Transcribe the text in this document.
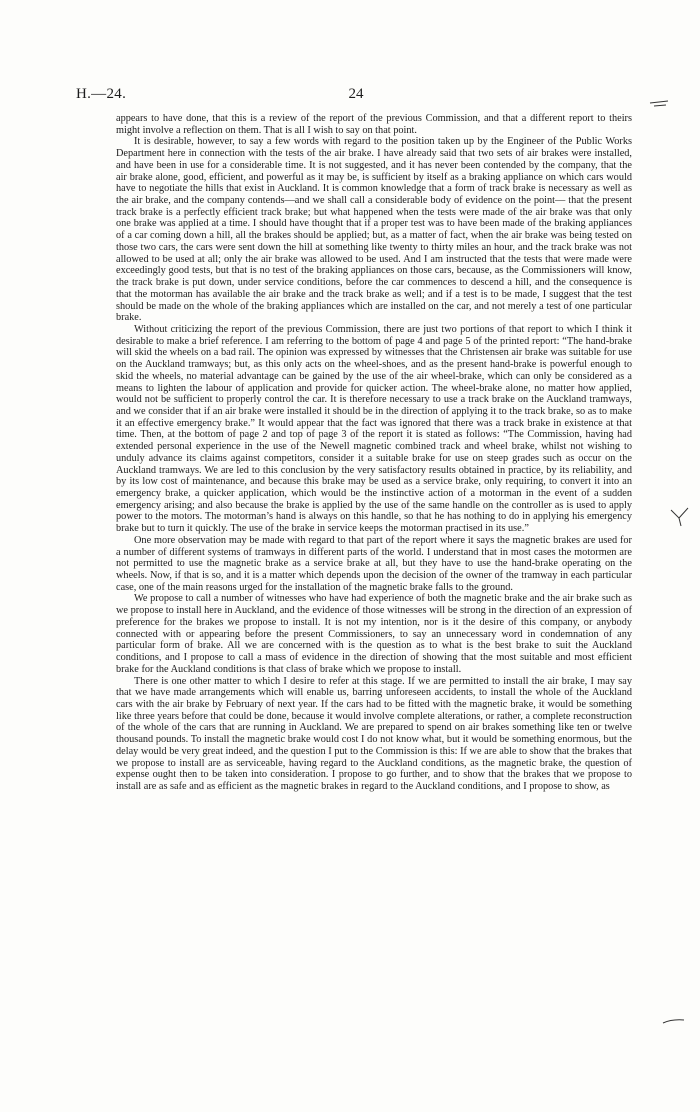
H.—24.	24

appears to have done, that this is a review of the report of the previous Commission, and that a different report to theirs might involve a reflection on them. That is all I wish to say on that point.

It is desirable, however, to say a few words with regard to the position taken up by the Engineer of the Public Works Department here in connection with the tests of the air brake. I have already said that two sets of air brakes were installed, and have been in use for a considerable time. It is not suggested, and it has never been contended by the company, that the air brake alone, good, efficient, and powerful as it may be, is sufficient by itself as a braking appliance on which cars would have to negotiate the hills that exist in Auckland. It is common knowledge that a form of track brake is necessary as well as the air brake, and the company contends—and we shall call a considerable body of evidence on the point— that the present track brake is a perfectly efficient track brake; but what happened when the tests were made of the air brake was that only one brake was applied at a time. I should have thought that if a proper test was to have been made of the braking appliances of a car coming down a hill, all the brakes should be applied; but, as a matter of fact, when the air brake was being tested on those two cars, the cars were sent down the hill at something like twenty to thirty miles an hour, and the track brake was not allowed to be used at all; only the air brake was allowed to be used. And I am instructed that the tests that were made were exceedingly good tests, but that is no test of the braking appliances on those cars, because, as the Commissioners will know, the track brake is put down, under service conditions, before the car commences to descend a hill, and the consequence is that the motorman has available the air brake and the track brake as well; and if a test is to be made, I suggest that the test should be made on the whole of the braking appliances which are installed on the car, and not merely a test of one particular brake.

Without criticizing the report of the previous Commission, there are just two portions of that report to which I think it desirable to make a brief reference. I am referring to the bottom of page 4 and page 5 of the printed report: “The hand-brake will skid the wheels on a bad rail. The opinion was expressed by witnesses that the Christensen air brake was suitable for use on the Auckland tramways; but, as this only acts on the wheel-shoes, and as the present hand-brake is powerful enough to skid the wheels, no material advantage can be gained by the use of the air wheel-brake, which can only be considered as a means to lighten the labour of application and provide for quicker action. The wheel-brake alone, no matter how applied, would not be sufficient to properly control the car. It is therefore necessary to use a track brake on the Auckland tramways, and we consider that if an air brake were installed it should be in the direction of applying it to the track brake, so as to make it an effective emergency brake.” It would appear that the fact was ignored that there was a track brake in existence at that time. Then, at the bottom of page 2 and top of page 3 of the report it is stated as follows: “The Commission, having had extended personal experience in the use of the Newell magnetic combined track and wheel brake, whilst not wishing to unduly advance its claims against competitors, consider it a suitable brake for use on steep grades such as occur on the Auckland tramways. We are led to this conclusion by the very satisfactory results obtained in practice, by its reliability, and by its low cost of maintenance, and because this brake may be used as a service brake, only requiring, to convert it into an emergency brake, a quicker application, which would be the instinctive action of a motorman in the event of a sudden emergency arising; and also because the brake is applied by the use of the same handle on the controller as is used to apply power to the motors. The motorman’s hand is always on this handle, so that he has nothing to do in applying his emergency brake but to turn it quickly. The use of the brake in service keeps the motorman practised in its use.”

One more observation may be made with regard to that part of the report where it says the magnetic brakes are used for a number of different systems of tramways in different parts of the world. I understand that in most cases the motormen are not permitted to use the magnetic brake as a service brake at all, but they have to use the hand-brake operating on the wheels. Now, if that is so, and it is a matter which depends upon the decision of the owner of the tramway in each particular case, one of the main reasons urged for the installation of the magnetic brake falls to the ground.

We propose to call a number of witnesses who have had experience of both the magnetic brake and the air brake such as we propose to install here in Auckland, and the evidence of those witnesses will be strong in the direction of an expression of preference for the brakes we propose to install. It is not my intention, nor is it the desire of this company, or anybody connected with or appearing before the present Commissioners, to say an unnecessary word in condemnation of any particular form of brake. All we are concerned with is the question as to what is the best brake to suit the Auckland conditions, and I propose to call a mass of evidence in the direction of showing that the most suitable and most efficient brake for the Auckland conditions is that class of brake which we propose to install.

There is one other matter to which I desire to refer at this stage. If we are permitted to install the air brake, I may say that we have made arrangements which will enable us, barring unforeseen accidents, to install the whole of the Auckland cars with the air brake by February of next year. If the cars had to be fitted with the magnetic brake, it would be something like three years before that could be done, because it would involve complete alterations, or rather, a complete reconstruction of the whole of the cars that are running in Auckland. We are prepared to spend on air brakes something like ten or twelve thousand pounds. To install the magnetic brake would cost I do not know what, but it would be something enormous, but the delay would be very great indeed, and the question I put to the Commission is this: If we are able to show that the brakes that we propose to install are as serviceable, having regard to the Auckland conditions, as the magnetic brake, the question of expense ought then to be taken into consideration. I propose to go further, and to show that the brakes that we propose to install are as safe and as efficient as the magnetic brakes in regard to the Auckland conditions, and I propose to show, as
